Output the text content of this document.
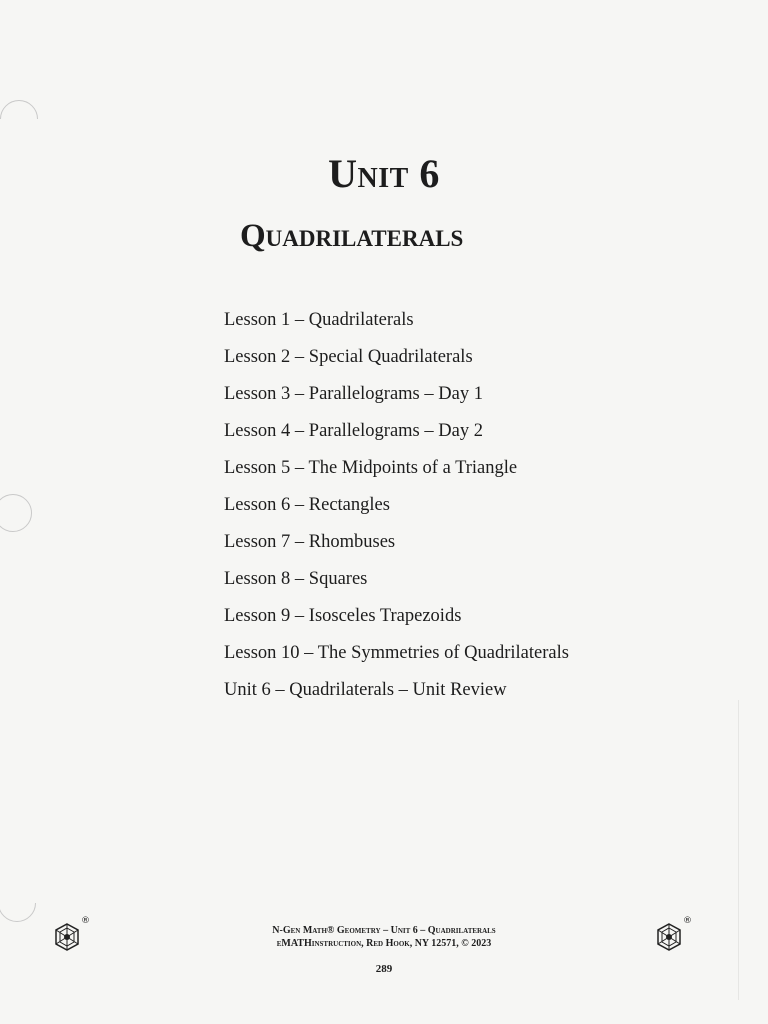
Unit 6
Quadrilaterals
Lesson 1 – Quadrilaterals
Lesson 2 – Special Quadrilaterals
Lesson 3 – Parallelograms – Day 1
Lesson 4 – Parallelograms – Day 2
Lesson 5 – The Midpoints of a Triangle
Lesson 6 – Rectangles
Lesson 7 – Rhombuses
Lesson 8 – Squares
Lesson 9 – Isosceles Trapezoids
Lesson 10 – The Symmetries of Quadrilaterals
Unit 6 – Quadrilaterals – Unit Review
®	®
N-Gen Math® Geometry – Unit 6 – Quadrilaterals
eMATHinstruction, Red Hook, NY 12571, © 2023
289
